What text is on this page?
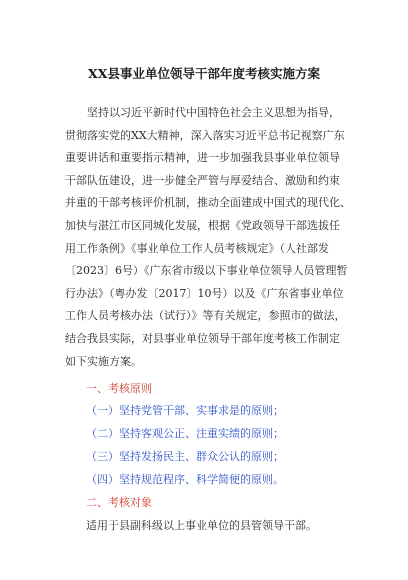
XX县事业单位领导干部年度考核实施方案
坚持以习近平新时代中国特色社会主义思想为指导，
贯彻落实党的XX大精神，深入落实习近平总书记视察广东
重要讲话和重要指示精神，进一步加强我县事业单位领导
干部队伍建设，进一步健全严管与厚爱结合、激励和约束
并重的干部考核评价机制，推动全面建成中国式的现代化、
加快与湛江市区同城化发展，根据《党政领导干部选拔任
用工作条例》《事业单位工作人员考核规定》（人社部发
〔2023〕6号）《广东省市级以下事业单位领导人员管理暂
行办法》（粤办发〔2017〕10号）以及《广东省事业单位
工作人员考核办法（试行）》等有关规定，参照市的做法，
结合我县实际，对县事业单位领导干部年度考核工作制定
如下实施方案。
一、考核原则
（一）坚持党管干部、实事求是的原则；
（二）坚持客观公正、注重实绩的原则；
（三）坚持发扬民主、群众公认的原则；
（四）坚持规范程序、科学简便的原则。
二、考核对象
适用于县副科级以上事业单位的县管领导干部。
